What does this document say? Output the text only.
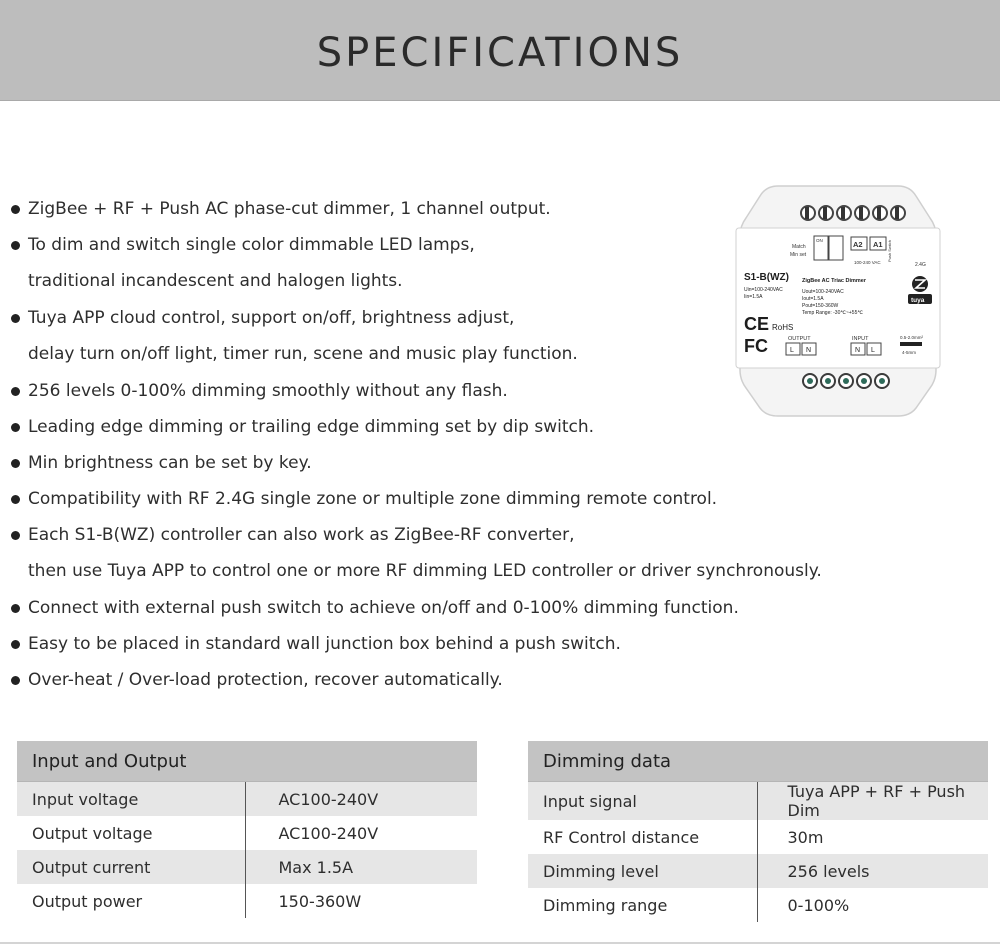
SPECIFICATIONS
ZigBee + RF + Push AC phase-cut dimmer, 1 channel output.
To dim and switch single color dimmable LED lamps,
traditional incandescent and halogen lights.
Tuya APP cloud control, support on/off, brightness adjust,
delay turn on/off light, timer run, scene and music play function.
256 levels 0-100% dimming smoothly without any flash.
Leading edge dimming or trailing edge dimming set by dip switch.
Min brightness can be set by key.
Compatibility with RF 2.4G single zone or multiple zone dimming remote control.
Each S1-B(WZ) controller can also work as ZigBee-RF converter,
then use Tuya APP to control one or more RF dimming LED controller or driver synchronously.
Connect with external push switch to achieve on/off and 0-100% dimming function.
Easy to be placed in standard wall junction box behind a push switch.
Over-heat / Over-load protection, recover automatically.
Match
Min set
ON	A2 A1
100-240 VAC
Push Switch
2.4G
S1-B(WZ) ZigBee AC Triac Dimmer
Uin=100-240VAC
Iin=1.5A
Uout=100-240VAC
Iout=1.5A
Pout=150-360W
Temp Range: -30℃~+55℃
CE RoHS
FC
tuya
OUTPUT
L N
INPUT
N L
0.5-2.0mm²
4-5mm
Input and Output	
Input voltage	AC100-240V
Output voltage	AC100-240V
Output current	Max 1.5A
Output power	150-360W
Dimming data	
Input signal	Tuya APP + RF + Push Dim
RF Control distance	30m
Dimming level	256 levels
Dimming range	0-100%
